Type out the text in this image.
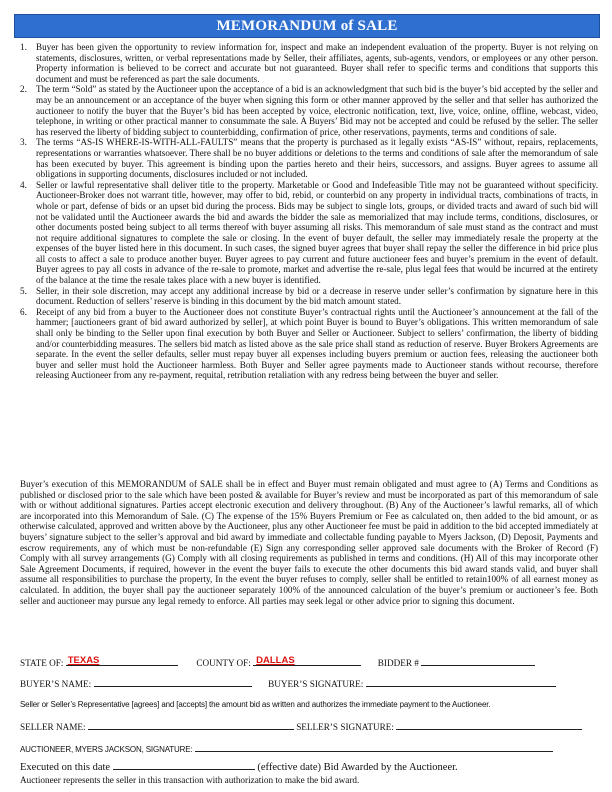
MEMORANDUM of SALE
1. Buyer has been given the opportunity to review information for, inspect and make an independent evaluation of the property. Buyer is not relying on statements, disclosures, written, or verbal representations made by Seller, their affiliates, agents, sub-agents, vendors, or employees or any other person. Property information is believed to be correct and accurate but not guaranteed. Buyer shall refer to specific terms and conditions that supports this document and must be referenced as part the sale documents.
2. The term “Sold” as stated by the Auctioneer upon the acceptance of a bid is an acknowledgment that such bid is the buyer’s bid accepted by the seller and may be an announcement or an acceptance of the buyer when signing this form or other manner approved by the seller and that seller has authorized the auctioneer to notify the buyer that the Buyer’s bid has been accepted by voice, electronic notification, text, live, voice, online, offline, webcast, video, telephone, in writing or other practical manner to consummate the sale. A Buyers’ Bid may not be accepted and could be refused by the seller. The seller has reserved the liberty of bidding subject to counterbidding, confirmation of price, other reservations, payments, terms and conditions of sale.
3. The terms “AS-IS WHERE-IS-WITH-ALL-FAULTS” means that the property is purchased as it legally exists “AS-IS” without, repairs, replacements, representations or warranties whatsoever. There shall be no buyer additions or deletions to the terms and conditions of sale after the memorandum of sale has been executed by buyer. This agreement is binding upon the parties hereto and their heirs, successors, and assigns. Buyer agrees to assume all obligations in supporting documents, disclosures included or not included.
4. Seller or lawful representative shall deliver title to the property. Marketable or Good and Indefeasible Title may not be guaranteed without specificity. Auctioneer-Broker does not warrant title, however, may offer to bid, rebid, or counterbid on any property in individual tracts, combinations of tracts, in whole or part, defense of bids or an upset bid during the process. Bids may be subject to single lots, groups, or divided tracts and award of such bid will not be validated until the Auctioneer awards the bid and awards the bidder the sale as memorialized that may include terms, conditions, disclosures, or other documents posted being subject to all terms thereof with buyer assuming all risks. This memorandum of sale must stand as the contract and must not require additional signatures to complete the sale or closing. In the event of buyer default, the seller may immediately resale the property at the expenses of the buyer listed here in this document. In such cases, the signed buyer agrees that buyer shall repay the seller the difference in bid price plus all costs to affect a sale to produce another buyer. Buyer agrees to pay current and future auctioneer fees and buyer’s premium in the event of default. Buyer agrees to pay all costs in advance of the re-sale to promote, market and advertise the re-sale, plus legal fees that would be incurred at the entirety of the balance at the time the resale takes place with a new buyer is identified.
5. Seller, in their sole discretion, may accept any additional increase by bid or a decrease in reserve under seller’s confirmation by signature here in this document. Reduction of sellers’ reserve is binding in this document by the bid match amount stated.
6. Receipt of any bid from a buyer to the Auctioneer does not constitute Buyer’s contractual rights until the Auctioneer’s announcement at the fall of the hammer; [auctioneers grant of bid award authorized by seller], at which point Buyer is bound to Buyer’s obligations. This written memorandum of sale shall only be binding to the Seller upon final execution by both Buyer and Seller or Auctioneer. Subject to sellers’ confirmation, the liberty of bidding and/or counterbidding measures. The sellers bid match as listed above as the sale price shall stand as reduction of reserve. Buyer Brokers Agreements are separate. In the event the seller defaults, seller must repay buyer all expenses including buyers premium or auction fees, releasing the auctioneer both buyer and seller must hold the Auctioneer harmless. Both Buyer and Seller agree payments made to Auctioneer stands without recourse, therefore releasing Auctioneer from any re-payment, requital, retribution retaliation with any redress being between the buyer and seller.

Buyer’s execution of this MEMORANDUM of SALE shall be in effect and Buyer must remain obligated and must agree to (A) Terms and Conditions as published or disclosed prior to the sale which have been posted & available for Buyer’s review and must be incorporated as part of this memorandum of sale with or without additional signatures. Parties accept electronic execution and delivery throughout. (B) Any of the Auctioneer’s lawful remarks, all of which are incorporated into this Memorandum of Sale. (C) The expense of the 15% Buyers Premium or Fee as calculated on, then added to the bid amount, or as otherwise calculated, approved and written above by the Auctioneer, plus any other Auctioneer fee must be paid in addition to the bid accepted immediately at buyers’ signature subject to the seller’s approval and bid award by immediate and collectable funding payable to Myers Jackson, (D) Deposit, Payments and escrow requirements, any of which must be non-refundable (E) Sign any corresponding seller approved sale documents with the Broker of Record (F) Comply with all survey arrangements (G) Comply with all closing requirements as published in terms and conditions. (H) All of this may incorporate other Sale Agreement Documents, if required, however in the event the buyer fails to execute the other documents this bid award stands valid, and buyer shall assume all responsibilities to purchase the property, In the event the buyer refuses to comply, seller shall be entitled to retain100% of all earnest money as calculated. In addition, the buyer shall pay the auctioneer separately 100% of the announced calculation of the buyer’s premium or auctioneer’s fee. Both seller and auctioneer may pursue any legal remedy to enforce. All parties may seek legal or other advice prior to signing this document.

STATE OF: TEXAS	COUNTY OF: DALLAS	BIDDER #
BUYER’S NAME:	BUYER’S SIGNATURE:
Seller or Seller’s Representative [agrees] and [accepts] the amount bid as written and authorizes the immediate payment to the Auctioneer.
SELLER NAME:	SELLER’S SIGNATURE:
AUCTIONEER, MYERS JACKSON, SIGNATURE:
Executed on this date	(effective date) Bid Awarded by the Auctioneer.
Auctioneer represents the seller in this transaction with authorization to make the bid award.
